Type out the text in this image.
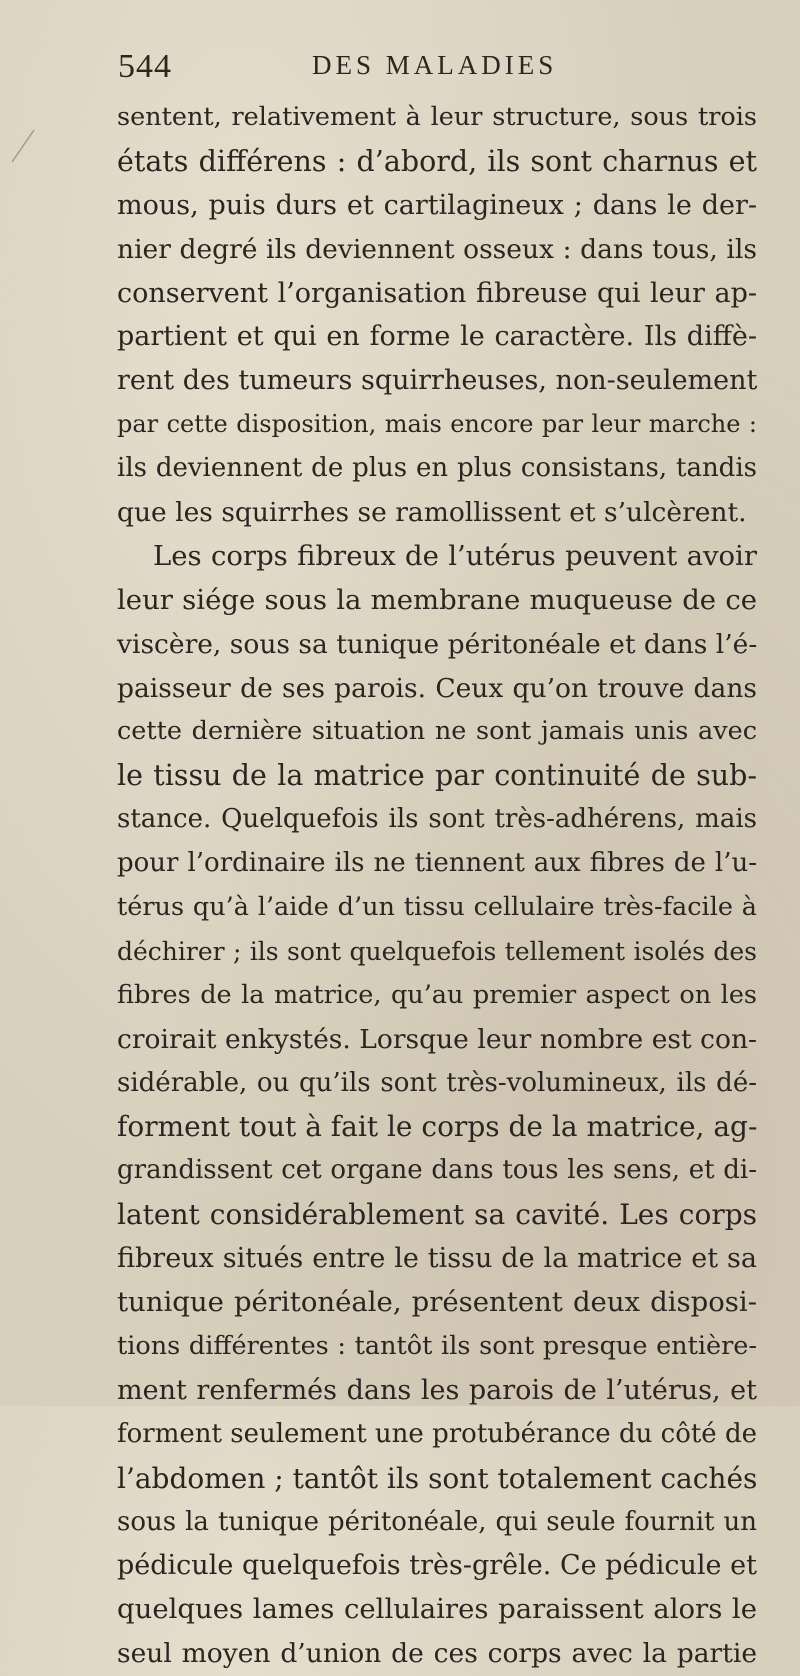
544	DES MALADIES
sentent, relativement à leur structure, sous trois
états différens : d’abord, ils sont charnus et
mous, puis durs et cartilagineux ; dans le der-
nier degré ils deviennent osseux : dans tous, ils
conservent l’organisation fibreuse qui leur ap-
partient et qui en forme le caractère. Ils diffè-
rent des tumeurs squirrheuses, non-seulement
par cette disposition, mais encore par leur marche :
ils deviennent de plus en plus consistans, tandis
que les squirrhes se ramollissent et s’ulcèrent.
Les corps fibreux de l’utérus peuvent avoir
leur siége sous la membrane muqueuse de ce
viscère, sous sa tunique péritonéale et dans l’é-
paisseur de ses parois. Ceux qu’on trouve dans
cette dernière situation ne sont jamais unis avec
le tissu de la matrice par continuité de sub-
stance. Quelquefois ils sont très-adhérens, mais
pour l’ordinaire ils ne tiennent aux fibres de l’u-
térus qu’à l’aide d’un tissu cellulaire très-facile à
déchirer ; ils sont quelquefois tellement isolés des
fibres de la matrice, qu’au premier aspect on les
croirait enkystés. Lorsque leur nombre est con-
sidérable, ou qu’ils sont très-volumineux, ils dé-
forment tout à fait le corps de la matrice, ag-
grandissent cet organe dans tous les sens, et di-
latent considérablement sa cavité. Les corps
fibreux situés entre le tissu de la matrice et sa
tunique péritonéale, présentent deux disposi-
tions différentes : tantôt ils sont presque entière-
ment renfermés dans les parois de l’utérus, et
forment seulement une protubérance du côté de
l’abdomen ; tantôt ils sont totalement cachés
sous la tunique péritonéale, qui seule fournit un
pédicule quelquefois très-grêle. Ce pédicule et
quelques lames cellulaires paraissent alors le
seul moyen d’union de ces corps avec la partie
